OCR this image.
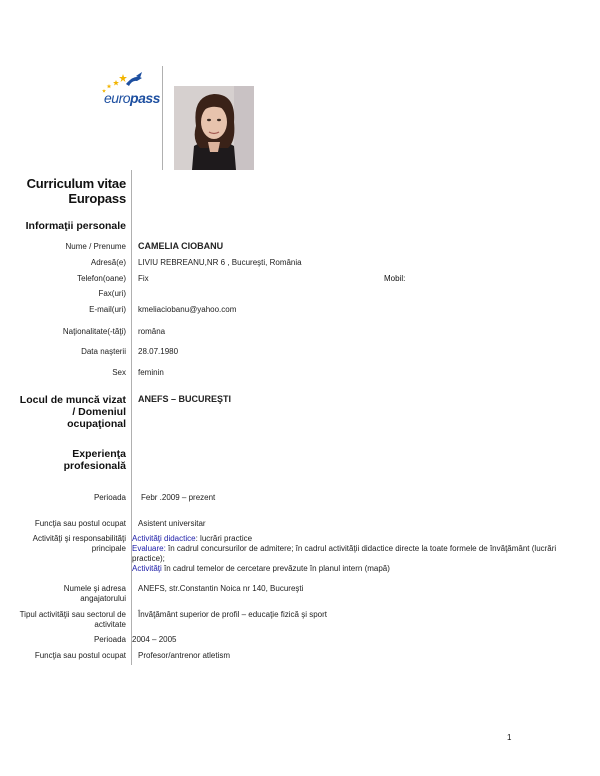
europass
Curriculum vitae
Europass
Informaţii personale
Nume / Prenume CAMELIA CIOBANU
Adresă(e) LIVIU REBREANU,NR 6 , Bucureşti, România
Telefon(oane) Fix	Mobil:
Fax(uri)
E-mail(uri) kmeliaciobanu@yahoo.com
Naţionalitate(-tăţi) româna
Data naşterii 28.07.1980
Sex feminin
Locul de muncă vizat
/ Domeniul
ocupaţional
ANEFS – BUCUREŞTI
Experienţa
profesională
Perioada Febr .2009 – prezent
Funcţia sau postul ocupat Asistent universitar
Activităţi şi responsabilităţi principale
Activităţi didactice: lucrări practice
Evaluare: în cadrul concursurilor de admitere; în cadrul activităţii didactice directe la toate formele de învăţământ (lucrări practice);
Activităţi în cadrul temelor de cercetare prevăzute în planul intern (mapă)
Numele şi adresa angajatorului
ANEFS, str.Constantin Noica nr 140, Bucureşti
Tipul activităţii sau sectorul de activitate
Învăţământ superior de profil – educaţie fizică şi sport
Perioada 2004 – 2005
Funcţia sau postul ocupat Profesor/antrenor atletism
1
